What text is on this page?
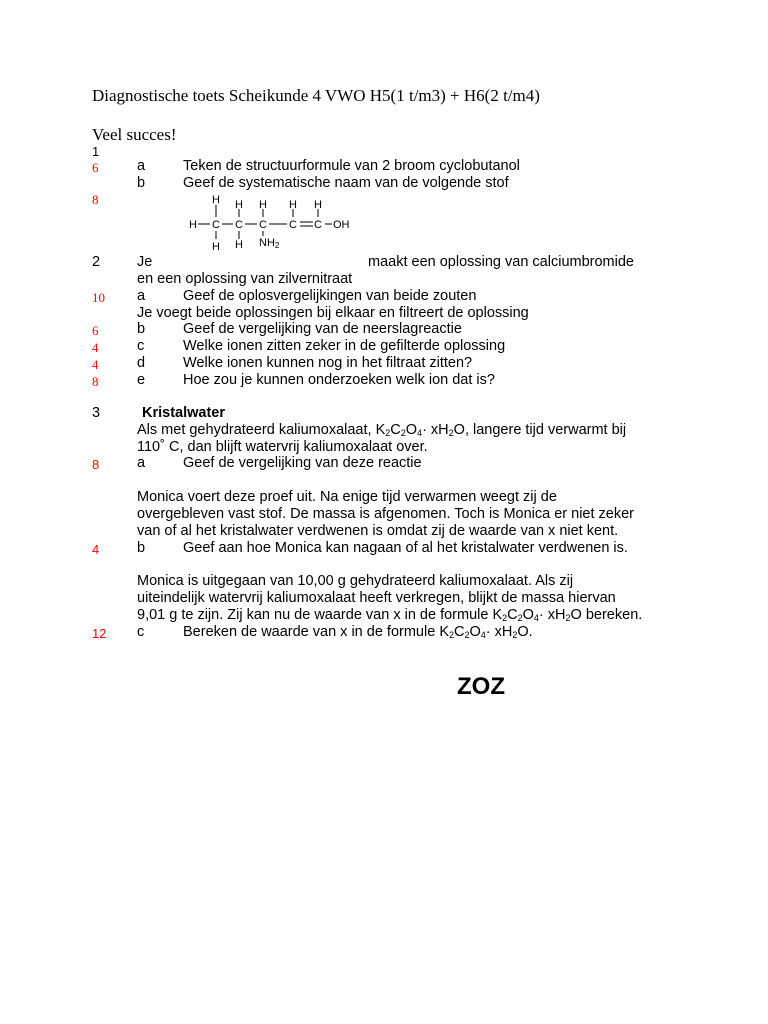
Diagnostische toets Scheikunde 4 VWO H5(1 t/m3) + H6(2 t/m4)
Veel succes!
1
6	a	Teken de structuurformule van 2 broom cyclobutanol
b	Geef de systematische naam van de volgende stof
8
H C C C C C OH
H H H H H
H H NH2
2	Je	maakt een oplossing van calciumbromide
en een oplossing van zilvernitraat
10 a	Geef de oplosvergelijkingen van beide zouten
Je voegt beide oplossingen bij elkaar en filtreert de oplossing
6	b	Geef de vergelijking van de neerslagreactie
4	c	Welke ionen zitten zeker in de gefilterde oplossing
4	d	Welke ionen kunnen nog in het filtraat zitten?
8	e	Hoe zou je kunnen onderzoeken welk ion dat is?
3	Kristalwater
Als met gehydrateerd kaliumoxalaat, $K_2C_2O_4\cdot xH_2O$, langere tijd verwarmt bij
110˚ C, dan blijft watervrij kaliumoxalaat over.
8	a	Geef de vergelijking van deze reactie
Monica voert deze proef uit. Na enige tijd verwarmen weegt zij de
overgebleven vast stof. De massa is afgenomen. Toch is Monica er niet zeker
van of al het kristalwater verdwenen is omdat zij de waarde van x niet kent.
4	b	Geef aan hoe Monica kan nagaan of al het kristalwater verdwenen is.
Monica is uitgegaan van 10,00 g gehydrateerd kaliumoxalaat. Als zij
uiteindelijk watervrij kaliumoxalaat heeft verkregen, blijkt de massa hiervan
9,01 g te zijn. Zij kan nu de waarde van x in de formule $K_2C_2O_4\cdot xH_2O$ bereken.
12 c	Bereken de waarde van x in de formule $K_2C_2O_4\cdot xH_2O$.
ZOZ
